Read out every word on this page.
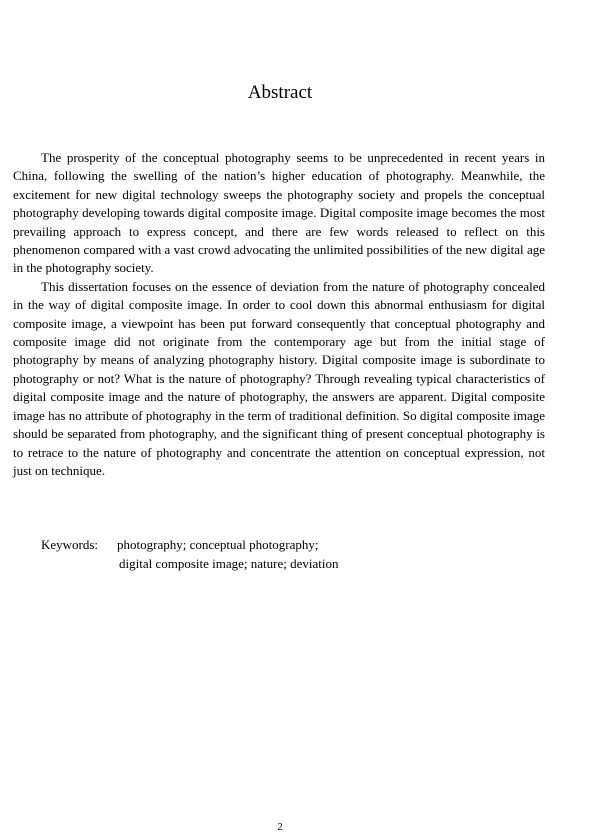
Abstract

The prosperity of the conceptual photography seems to be unprecedented in recent years in China, following the swelling of the nation’s higher education of photography. Meanwhile, the excitement for new digital technology sweeps the photography society and propels the conceptual photography developing towards digital composite image. Digital composite image becomes the most prevailing approach to express concept, and there are few words released to reflect on this phenomenon compared with a vast crowd advocating the unlimited possibilities of the new digital age in the photography society.

This dissertation focuses on the essence of deviation from the nature of photography concealed in the way of digital composite image. In order to cool down this abnormal enthusiasm for digital composite image, a viewpoint has been put forward consequently that conceptual photography and composite image did not originate from the contemporary age but from the initial stage of photography by means of analyzing photography history. Digital composite image is subordinate to photography or not? What is the nature of photography? Through revealing typical characteristics of digital composite image and the nature of photography, the answers are apparent. Digital composite image has no attribute of photography in the term of traditional definition. So digital composite image should be separated from photography, and the significant thing of present conceptual photography is to retrace to the nature of photography and concentrate the attention on conceptual expression, not just on technique.

Keywords:	photography; conceptual photography;
digital composite image; nature; deviation
2
